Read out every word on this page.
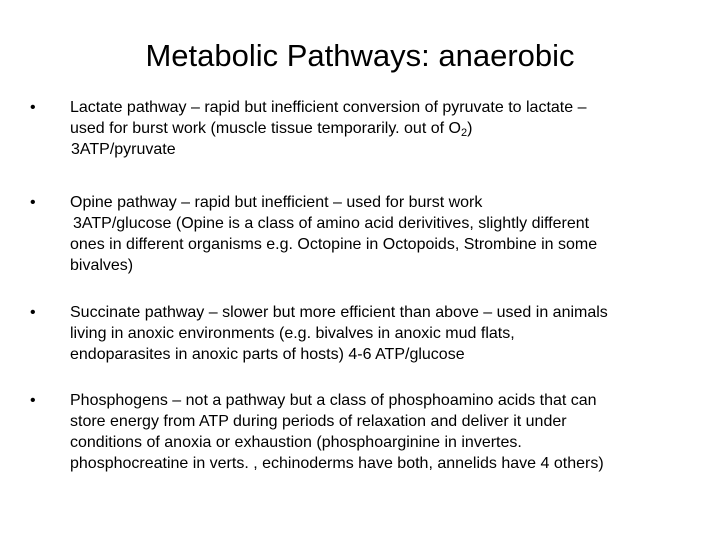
Metabolic Pathways: anaerobic
• Lactate pathway – rapid but inefficient conversion of pyruvate to lactate –
used for burst work (muscle tissue temporarily. out of $O_2$)
3ATP/pyruvate
• Opine pathway – rapid but inefficient – used for burst work
3ATP/glucose (Opine is a class of amino acid derivitives, slightly different
ones in different organisms e.g. Octopine in Octopoids, Strombine in some
bivalves)
• Succinate pathway – slower but more efficient than above – used in animals
living in anoxic environments (e.g. bivalves in anoxic mud flats,
endoparasites in anoxic parts of hosts) 4-6 ATP/glucose
• Phosphogens – not a pathway but a class of phosphoamino acids that can
store energy from ATP during periods of relaxation and deliver it under
conditions of anoxia or exhaustion (phosphoarginine in invertes.
phosphocreatine in verts. , echinoderms have both, annelids have 4 others)
